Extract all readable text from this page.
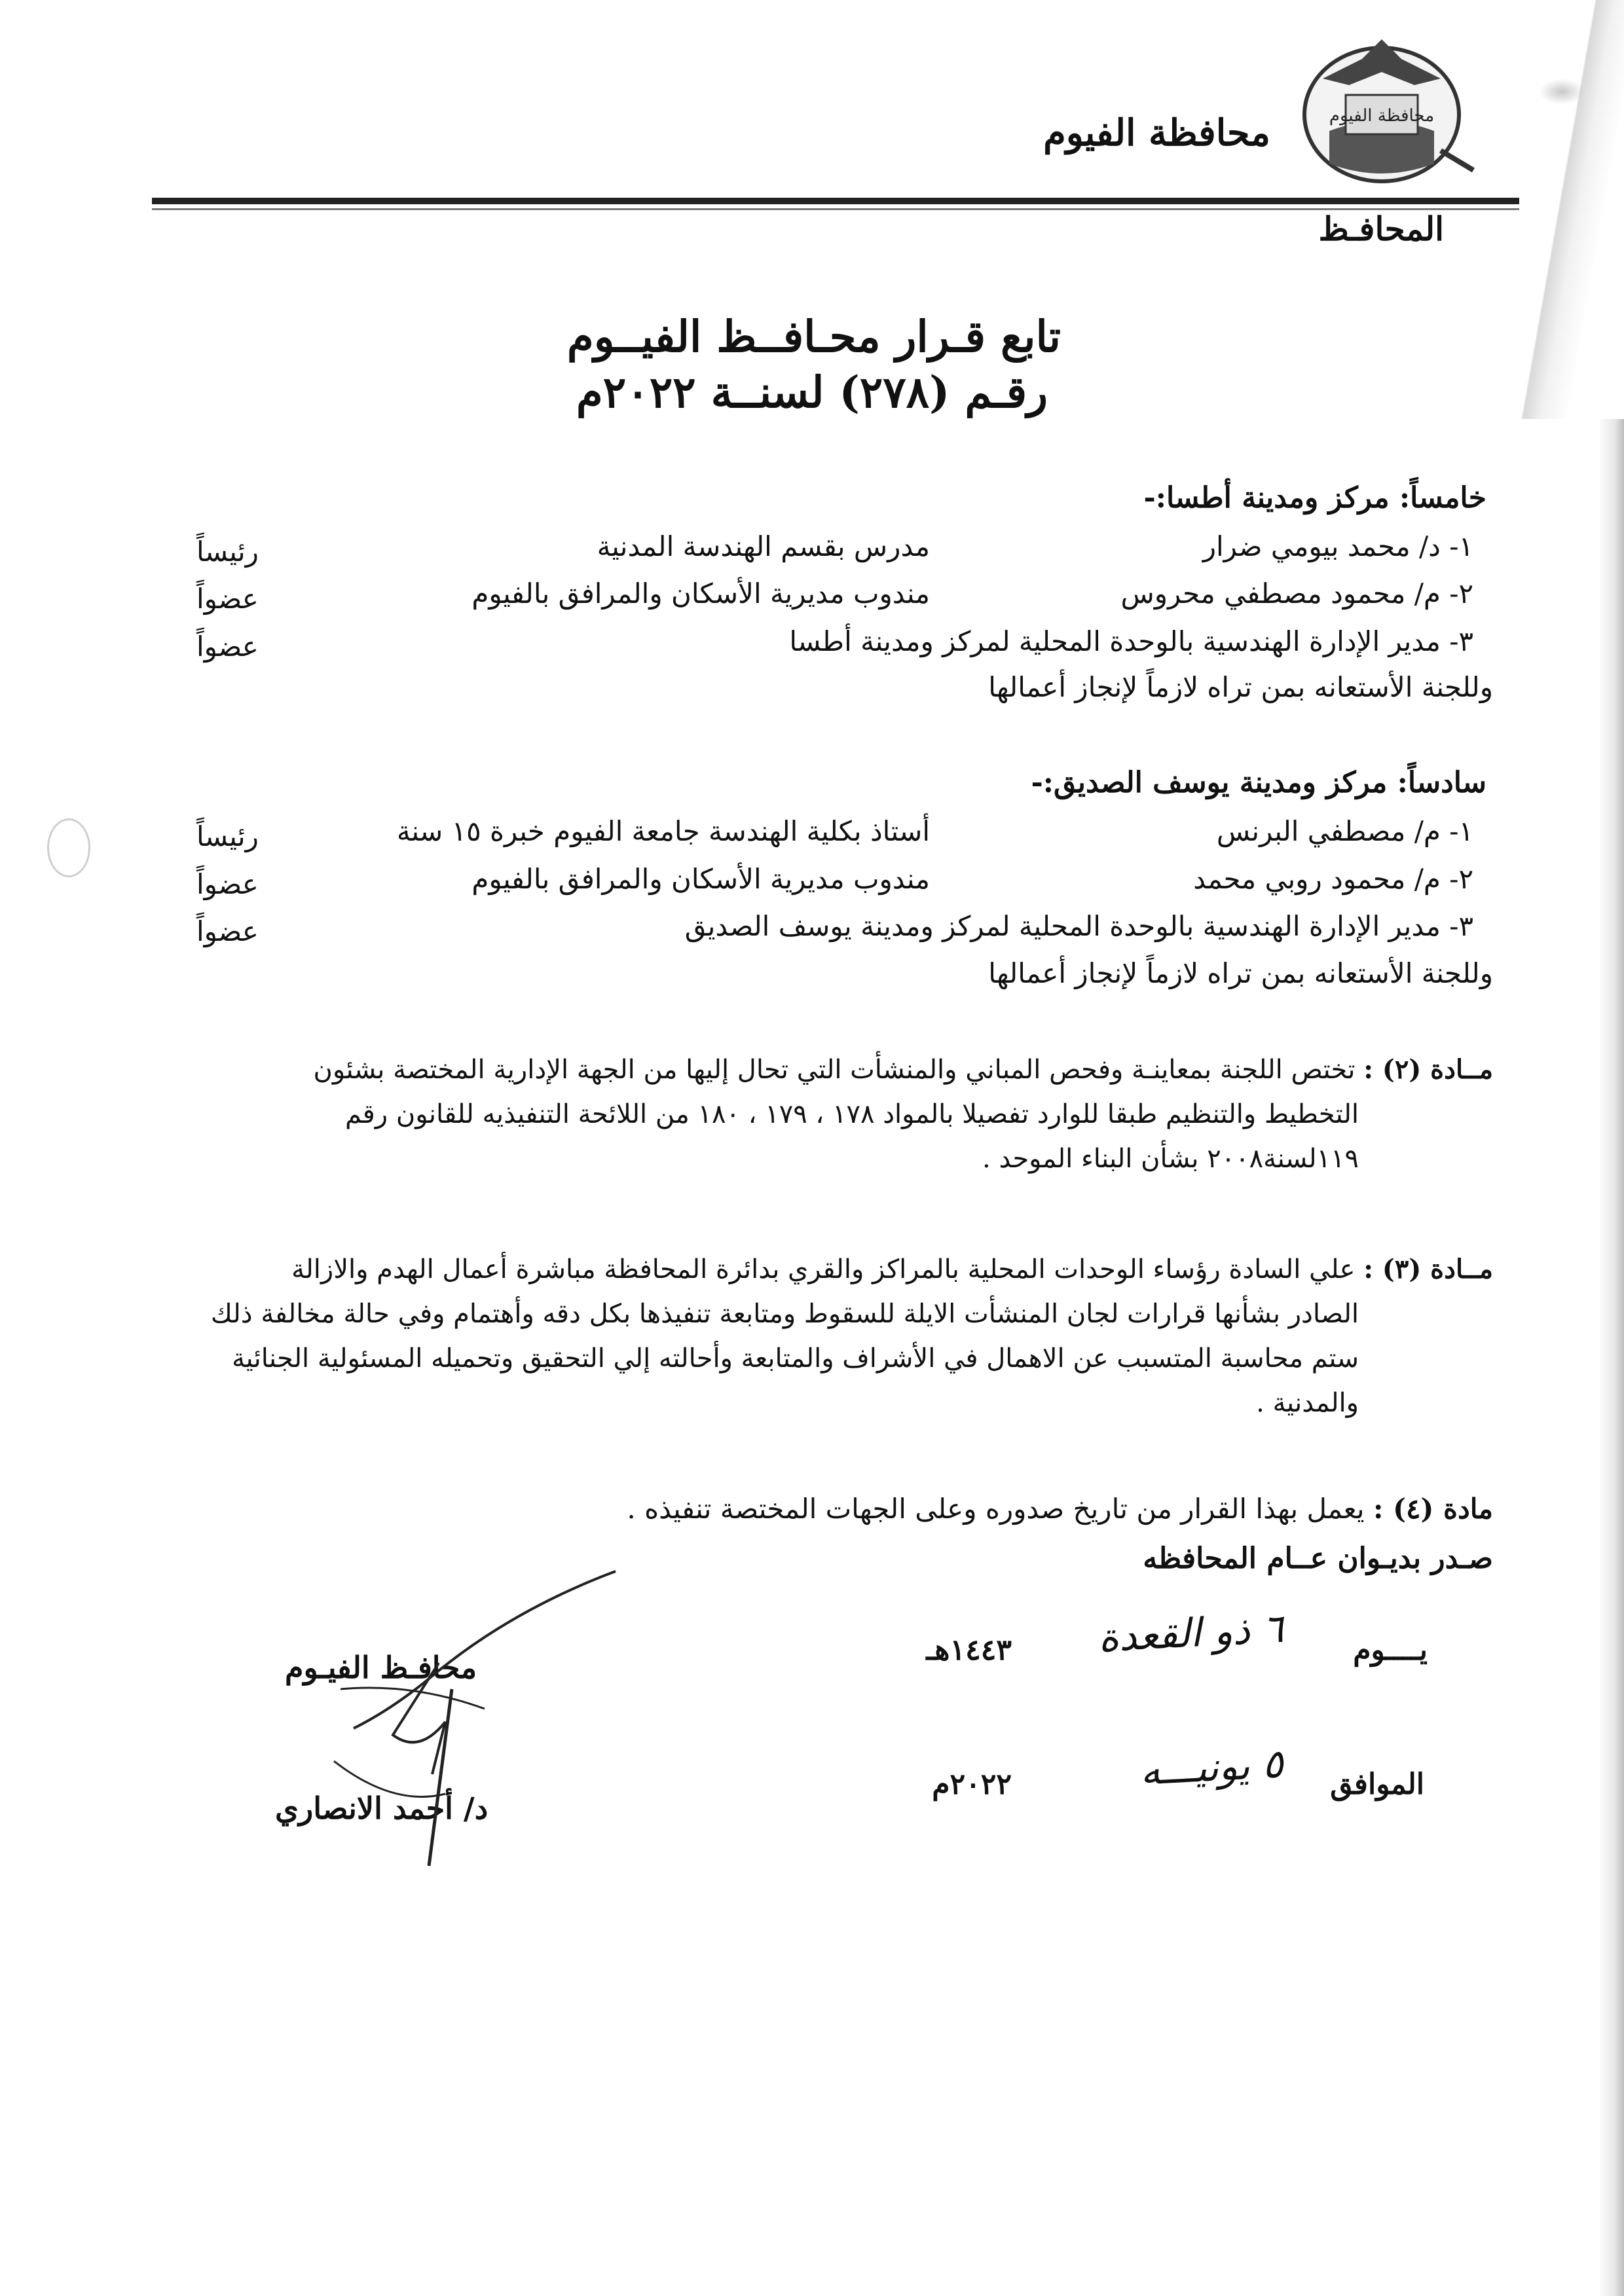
محافظة الفيوم	محافظة الفيوم
المحافـظ
تابع قـرار محـافــظ الفيــوم
رقـم (٢٧٨) لسنــة ٢٠٢٢م
خامساً: مركز ومدينة أطسا:-
١- د/ محمد بيومي ضرار
مدرس بقسم الهندسة المدنية
رئيساً
٢- م/ محمود مصطفي محروس
مندوب مديرية الأسكان والمرافق بالفيوم
عضواً
٣- مدير الإدارة الهندسية بالوحدة المحلية لمركز ومدينة أطسا
عضواً
وللجنة الأستعانه بمن تراه لازماً لإنجاز أعمالها
سادساً: مركز ومدينة يوسف الصديق:-
١- م/ مصطفي البرنس
أستاذ بكلية الهندسة جامعة الفيوم خبرة ١٥ سنة
رئيساً
٢- م/ محمود روبي محمد
مندوب مديرية الأسكان والمرافق بالفيوم
عضواً
٣- مدير الإدارة الهندسية بالوحدة المحلية لمركز ومدينة يوسف الصديق
عضواً
وللجنة الأستعانه بمن تراه لازماً لإنجاز أعمالها
مــادة (٢) : تختص اللجنة بمعاينـة وفحص المباني والمنشأت التي تحال إليها من الجهة الإدارية المختصة بشئون
التخطيط والتنظيم طبقا للوارد تفصيلا بالمواد ١٧٨ ، ١٧٩ ، ١٨٠ من اللائحة التنفيذيه للقانون رقم
١١٩لسنة٢٠٠٨ بشأن البناء الموحد .
مــادة (٣) : علي السادة رؤساء الوحدات المحلية بالمراكز والقري بدائرة المحافظة مباشرة أعمال الهدم والازالة
الصادر بشأنها قرارات لجان المنشأت الايلة للسقوط ومتابعة تنفيذها بكل دقه وأهتمام وفي حالة مخالفة ذلك
ستم محاسبة المتسبب عن الاهمال في الأشراف والمتابعة وأحالته إلي التحقيق وتحميله المسئولية الجنائية
والمدنية .
مادة (٤) : يعمل بهذا القرار من تاريخ صدوره وعلى الجهات المختصة تنفيذه .
صـدر بديـوان عــام المحافظه
يــــوم
٦ ذو القعدة
١٤٤٣هـ
الموافق
٥ يونيـــه
٢٠٢٢م
محافـظ الفيـوم
د/ أحمد الانصاري
